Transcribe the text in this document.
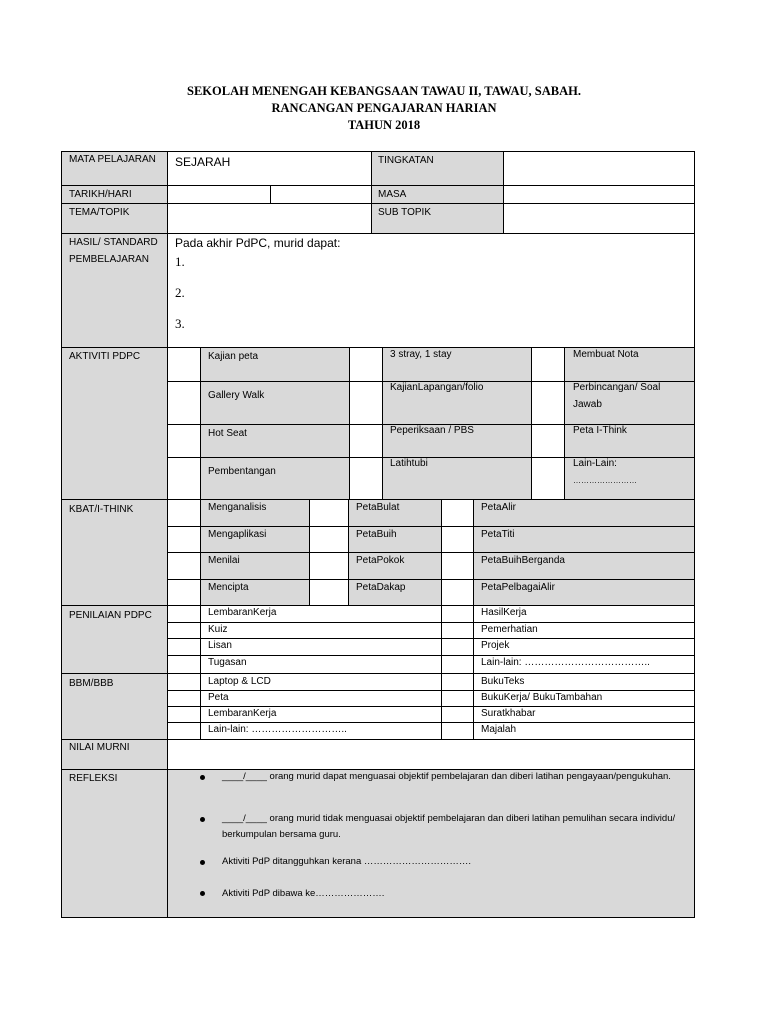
SEKOLAH MENENGAH KEBANGSAAN TAWAU II, TAWAU, SABAH.
RANCANGAN PENGAJARAN HARIAN
TAHUN 2018
MATA PELAJARAN
TARIKH/HARI
TEMA/TOPIK
HASIL/ STANDARD PEMBELAJARAN
AKTIVITI PDPC
KBAT/I-THINK
PENILAIAN PDPC
BBM/BBB
NILAI MURNI
REFLEKSI
SEJARAH	TINGKATAN
MASA
SUB TOPIK
Pada akhir PdPC, murid dapat:
1.
2.
3.
Kajian peta
Gallery Walk
Hot Seat
Pembentangan
3 stray, 1 stay
KajianLapangan/folio
Peperiksaan / PBS
Latihtubi
Membuat Nota
Perbincangan/ Soal Jawab
Peta I-Think
Lain-Lain:
……………………
Menganalisis
Mengaplikasi
Menilai
Mencipta
PetaBulat
PetaBuih
PetaPokok
PetaDakap
PetaAlir
PetaTiti
PetaBuihBerganda
PetaPelbagaiAlir
LembaranKerja
Kuiz
Lisan
Tugasan
HasilKerja
Pemerhatian
Projek
Lain-lain: ………………………………..
Laptop & LCD
Peta
LembaranKerja
Lain-lain: ………………………..
BukuTeks
BukuKerja/ BukuTambahan
Suratkhabar
Majalah
____/____ orang murid dapat menguasai objektif pembelajaran dan diberi latihan pengayaan/pengukuhan.
____/____ orang murid tidak menguasai objektif pembelajaran dan diberi latihan pemulihan secara individu/ berkumpulan bersama guru.
Aktiviti PdP ditangguhkan kerana …………………………….
Aktiviti PdP dibawa ke………………….
